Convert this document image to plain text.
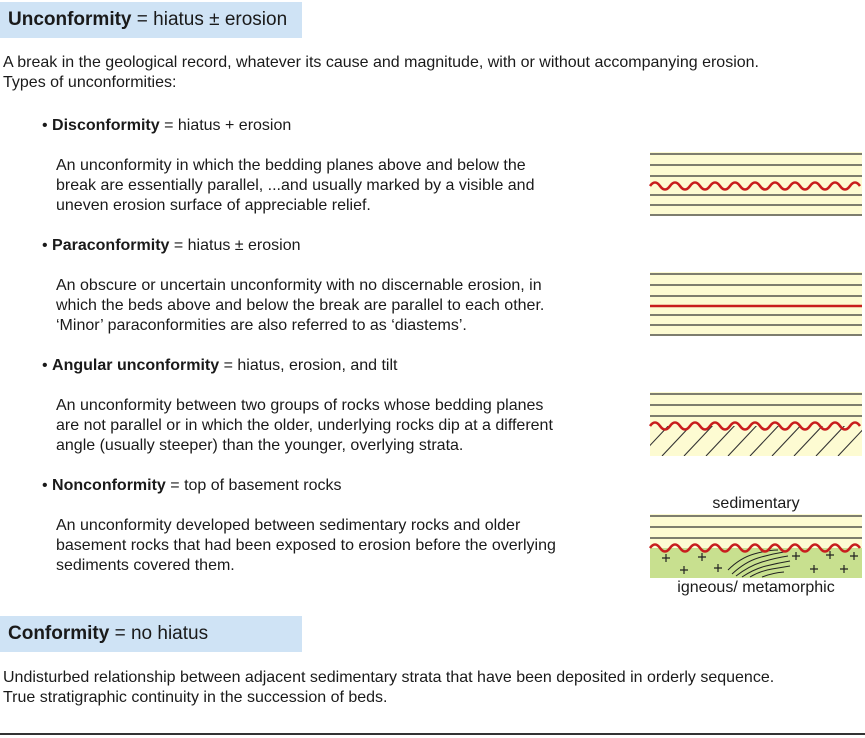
Unconformity = hiatus ± erosion
A break in the geological record, whatever its cause and magnitude, with or without accompanying erosion.
Types of unconformities:
• Disconformity = hiatus + erosion
An unconformity in which the bedding planes above and below the
break are essentially parallel, ...and usually marked by a visible and
uneven erosion surface of appreciable relief.
• Paraconformity = hiatus ± erosion
An obscure or uncertain unconformity with no discernable erosion, in
which the beds above and below the break are parallel to each other.
‘Minor’ paraconformities are also referred to as ‘diastems’.
• Angular unconformity = hiatus, erosion, and tilt
An unconformity between two groups of rocks whose bedding planes
are not parallel or in which the older, underlying rocks dip at a different
angle (usually steeper) than the younger, overlying strata.
• Nonconformity = top of basement rocks
An unconformity developed between sedimentary rocks and older
basement rocks that had been exposed to erosion before the overlying
sediments covered them.
sedimentary
igneous/ metamorphic
Conformity = no hiatus
Undisturbed relationship between adjacent sedimentary strata that have been deposited in orderly sequence.
True stratigraphic continuity in the succession of beds.
